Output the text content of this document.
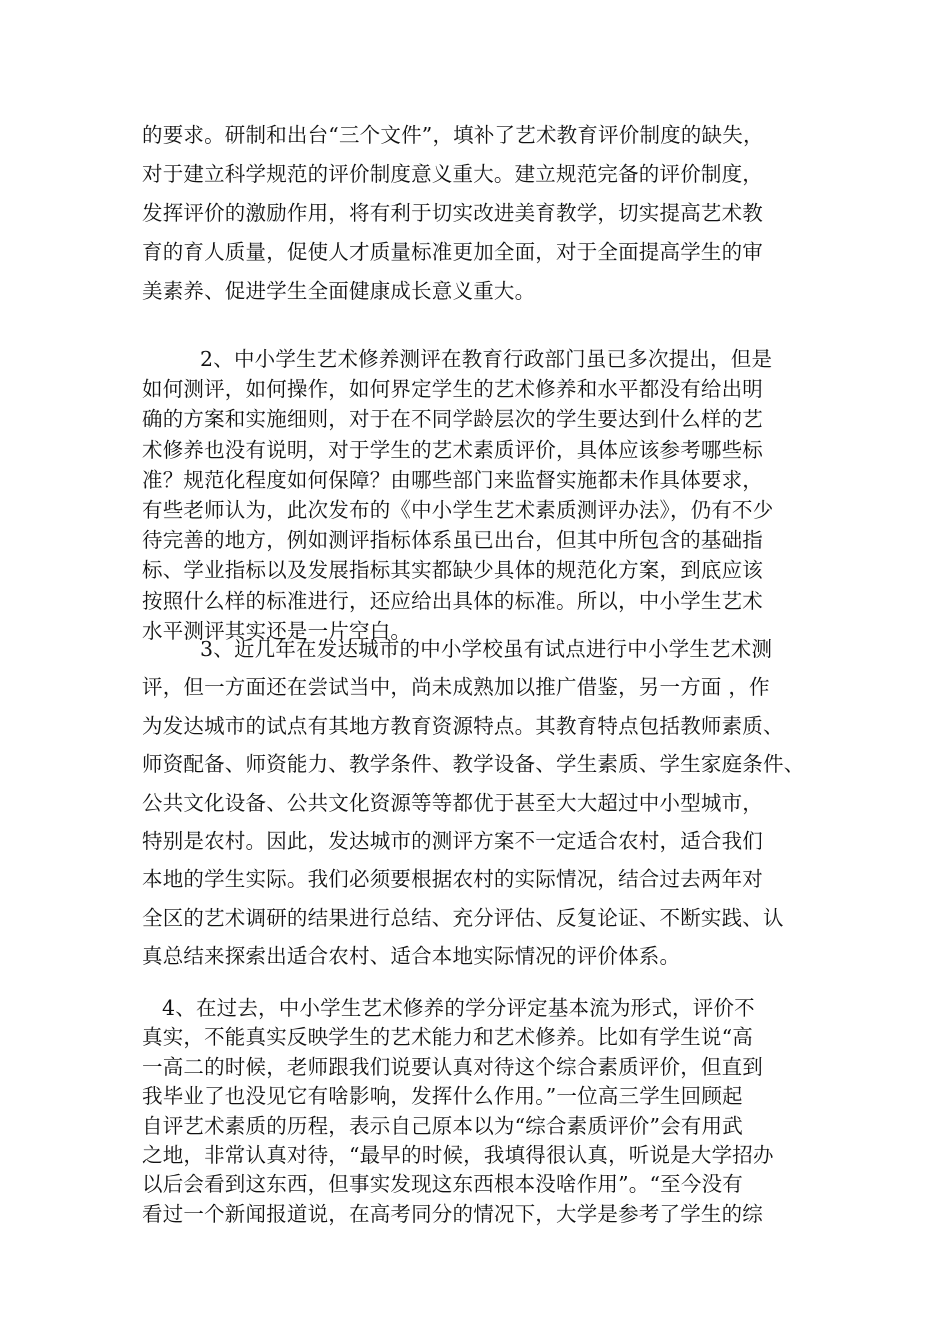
的要求。研制和出台“三个文件”，填补了艺术教育评价制度的缺失，
对于建立科学规范的评价制度意义重大。建立规范完备的评价制度，
发挥评价的激励作用，将有利于切实改进美育教学，切实提高艺术教
育的育人质量，促使人才质量标准更加全面，对于全面提高学生的审
美素养、促进学生全面健康成长意义重大。
2、中小学生艺术修养测评在教育行政部门虽已多次提出，但是
如何测评，如何操作，如何界定学生的艺术修养和水平都没有给出明
确的方案和实施细则，对于在不同学龄层次的学生要达到什么样的艺
术修养也没有说明，对于学生的艺术素质评价，具体应该参考哪些标
准？规范化程度如何保障？由哪些部门来监督实施都未作具体要求，
有些老师认为，此次发布的《中小学生艺术素质测评办法》，仍有不少
待完善的地方，例如测评指标体系虽已出台，但其中所包含的基础指
标、学业指标以及发展指标其实都缺少具体的规范化方案，到底应该
按照什么样的标准进行，还应给出具体的标准。所以，中小学生艺术
水平测评其实还是一片空白。
3、近几年在发达城市的中小学校虽有试点进行中小学生艺术测
评，但一方面还在尝试当中，尚未成熟加以推广借鉴，另一方面 ，作
为发达城市的试点有其地方教育资源特点。其教育特点包括教师素质、
师资配备、师资能力、教学条件、教学设备、学生素质、学生家庭条件、
公共文化设备、公共文化资源等等都优于甚至大大超过中小型城市，
特别是农村。因此，发达城市的测评方案不一定适合农村，适合我们
本地的学生实际。我们必须要根据农村的实际情况，结合过去两年对
全区的艺术调研的结果进行总结、充分评估、反复论证、不断实践、认
真总结来探索出适合农村、适合本地实际情况的评价体系。
4、在过去，中小学生艺术修养的学分评定基本流为形式，评价不
真实，不能真实反映学生的艺术能力和艺术修养。比如有学生说“高
一高二的时候，老师跟我们说要认真对待这个综合素质评价，但直到
我毕业了也没见它有啥影响，发挥什么作用。”一位高三学生回顾起
自评艺术素质的历程，表示自己原本以为“综合素质评价”会有用武
之地，非常认真对待，“最早的时候，我填得很认真，听说是大学招办
以后会看到这东西，但事实发现这东西根本没啥作用”。“至今没有
看过一个新闻报道说，在高考同分的情况下，大学是参考了学生的综
